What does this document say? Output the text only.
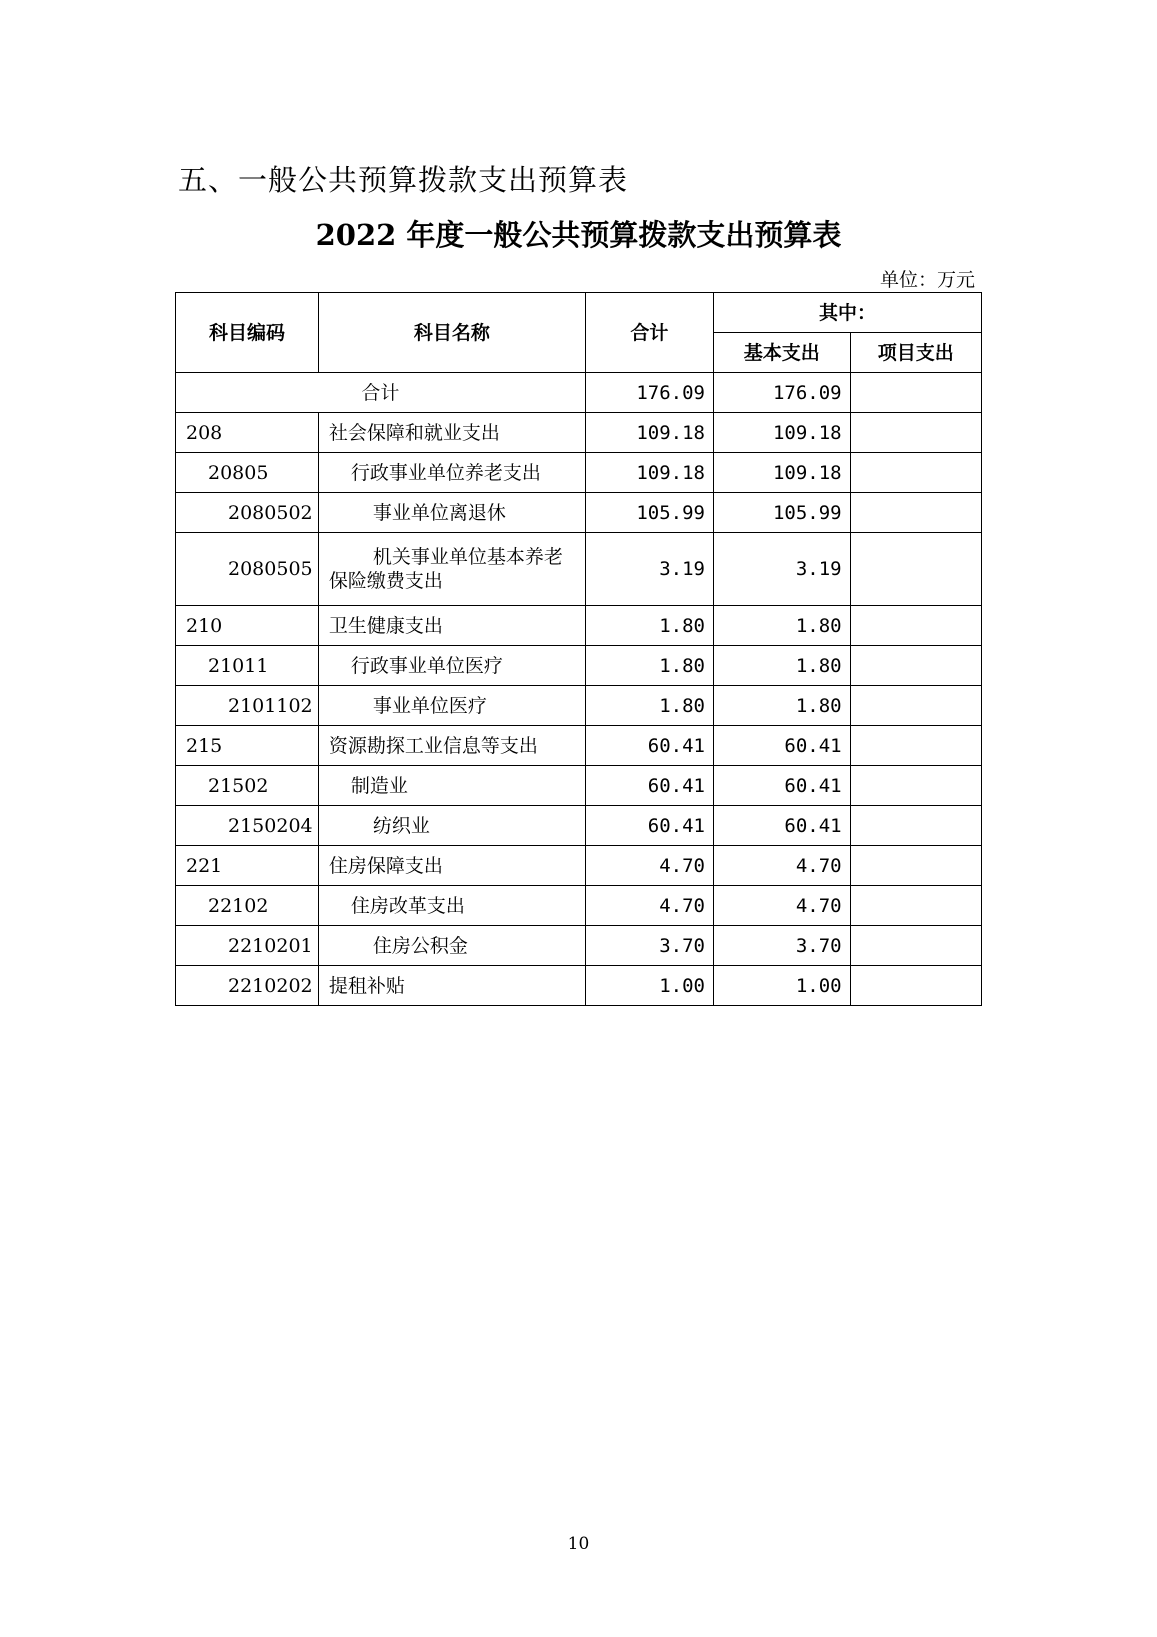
五、一般公共预算拨款支出预算表
2022 年度一般公共预算拨款支出预算表
单位：万元
科目编码	科目名称	合计	其中：	
			基本支出	项目支出
合计		176.09	176.09	
208	社会保障和就业支出	109.18	109.18	
20805	行政事业单位养老支出	109.18	109.18	
2080502	事业单位离退休	105.99	105.99	
2080505	机关事业单位基本养老保险缴费支出	3.19	3.19	
210	卫生健康支出	1.80	1.80	
21011	行政事业单位医疗	1.80	1.80	
2101102	事业单位医疗	1.80	1.80	
215	资源勘探工业信息等支出	60.41	60.41	
21502	制造业	60.41	60.41	
2150204	纺织业	60.41	60.41	
221	住房保障支出	4.70	4.70	
22102	住房改革支出	4.70	4.70	
2210201	住房公积金	3.70	3.70	
2210202	提租补贴	1.00	1.00	
10
